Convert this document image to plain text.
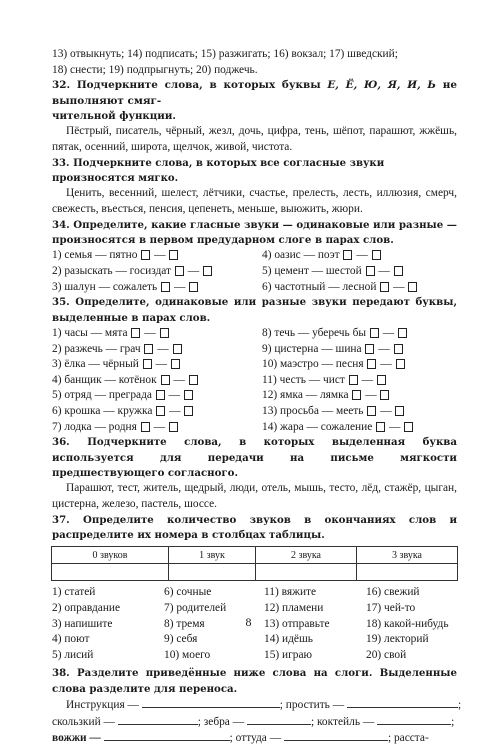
13) отвыкнуть; 14) подписать; 15) разжигать; 16) вокзал; 17) шведский;

18) снести; 19) подпрыгнуть; 20) поджечь.

32. Подчеркните слова, в которых буквы Е, Ё, Ю, Я, И, Ь не выполняют смяг-

чительной функции.

Пёстрый, писатель, чёрный, жезл, дочь, цифра, тень, шёпот, парашют, жжёшь, пятак, осенний, широта, щелчок, живой, чистота.

33. Подчеркните слова, в которых все согласные звуки произносятся мягко.

Ценить, весенний, шелест, лётчики, счастье, прелесть, лесть, иллюзия, смерч, свежесть, въесться, пенсия, цепенеть, меньше, выюжить, жюри.

34. Определите, какие гласные звуки — одинаковые или разные — произносятся в первом предударном слоге в парах слов.

1) семья — пятно  —	4) оазис — поэт  —
2) разыскать — госиздат  —	5) цемент — шестой  —
3) шалун — сожалеть  —	6) частотный — лесной  —

35. Определите, одинаковые или разные звуки передают буквы, выделенные в парах слов.

1) часы — мята  —	8) течь — уберечь бы  —
2) разжечь — грач  —	9) цистерна — шина  —
3) ёлка — чёрный  —	10) маэстро — песня  —
4) банщик — котёнок  —	11) честь — чист  —
5) отряд — преграда  —	12) ямка — лямка  —
6) крошка — кружка  —	13) просьба — мееть  —
7) лодка — родня  —	14) жара — сожаление  —

36. Подчеркните слова, в которых выделенная буква используется для передачи на письме мягкости предшествующего согласного.

Парашют, тест, житель, щедрый, люди, отель, мышь, тесто, лёд, стажёр, цыган, цистерна, железо, пастель, шоссе.

37. Определите количество звуков в окончаниях слов и распределите их номера в столбцах таблицы.

0 звуков	1 звук	2 звука	3 звука

1) статей	6) сочные	11) вяжите	16) свежий
2) оправдание	7) родителей	12) пламени	17) чей-то
3) напишите	8) тремя	13) отправьте	18) какой-нибудь
4) поют	9) себя	14) идёшь	19) лекторий
5) лисий	10) моего	15) играю	20) свой

38. Разделите приведённые ниже слова на слоги. Выделенные слова разделите для переноса.

Инструкция —	; простить —	;

скользкий —	; зебра —	; коктейль —	;

вожжи —	; оттуда —	; расста-

8
